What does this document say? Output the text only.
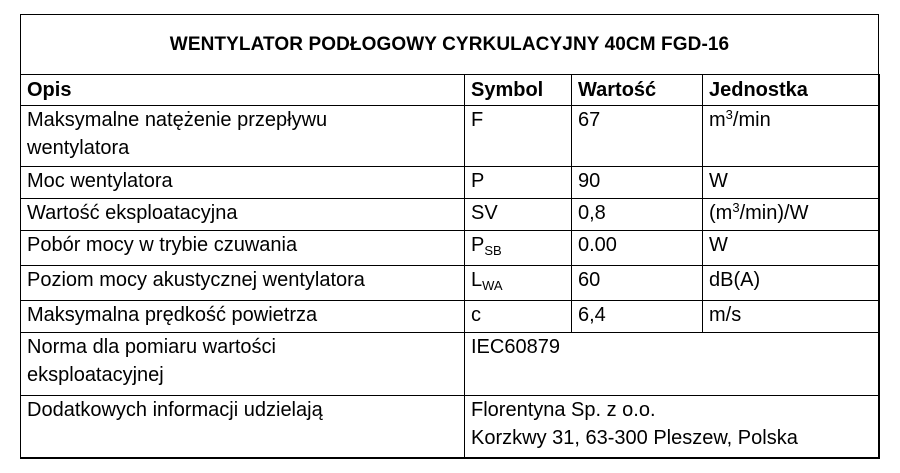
WENTYLATOR PODŁOGOWY CYRKULACYJNY 40CM FGD-16
Opis	Symbol	Wartość	Jednostka
Maksymalne natężenie przepływu
wentylatora	F	67	$m^3/\min$
Moc wentylatora	P	90	W
Wartość eksploatacyjna	SV	0,8	$(m^3/\min)/W$
Pobór mocy w trybie czuwania	$P_{SB}$	0.00	W
Poziom mocy akustycznej wentylatora	$L_{WA}$	60	dB(A)
Maksymalna prędkość powietrza	c	6,4	m/s
Norma dla pomiaru wartości
eksploatacyjnej	IEC60879		
Dodatkowych informacji udzielają	Florentyna Sp. z o.o.
Korzkwy 31, 63-300 Pleszew, Polska		
